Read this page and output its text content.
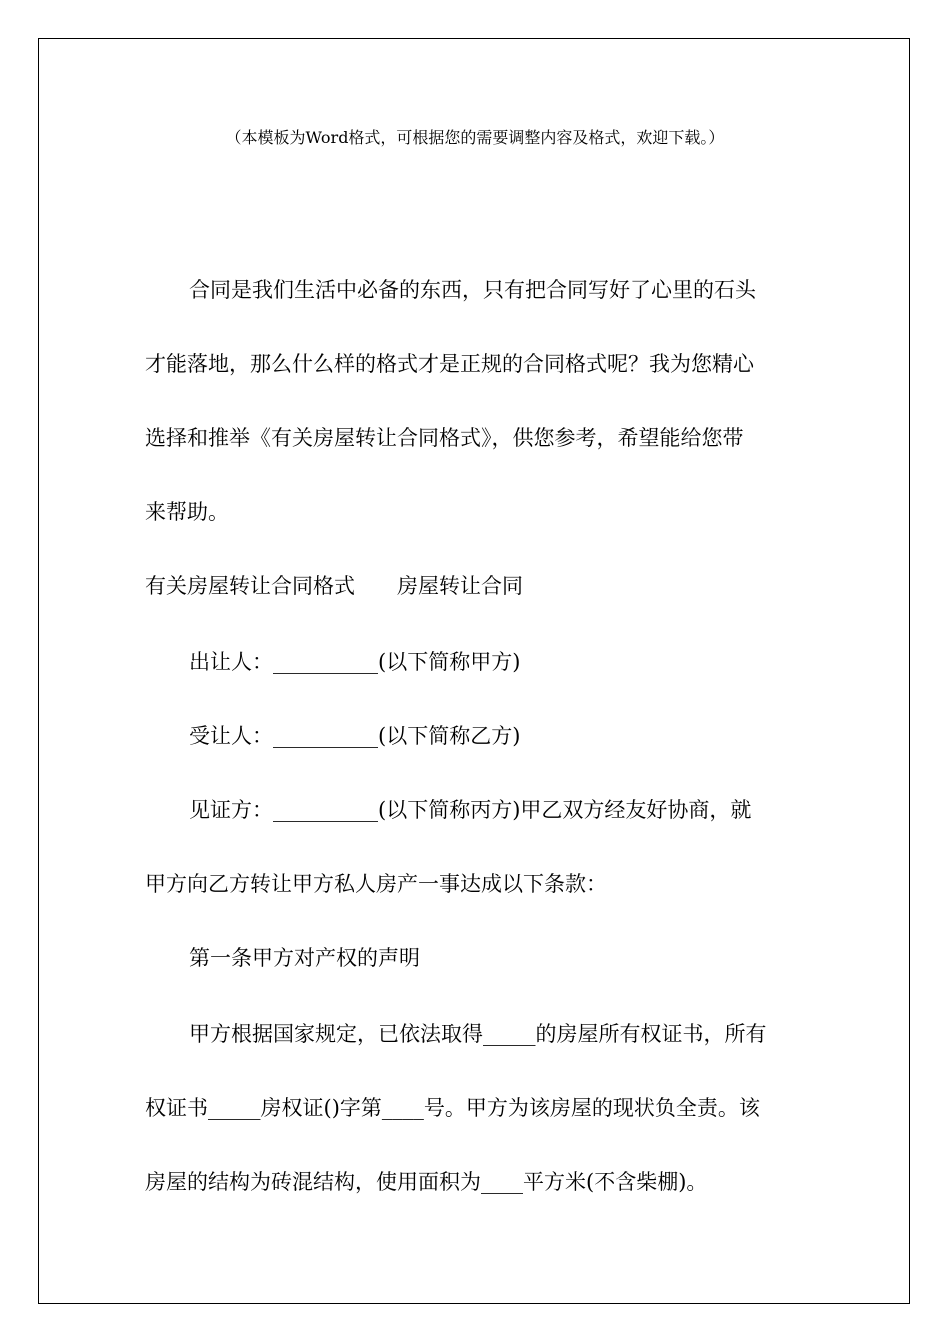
（本模板为Word格式，可根据您的需要调整内容及格式，欢迎下载。）
合同是我们生活中必备的东西，只有把合同写好了心里的石头
才能落地，那么什么样的格式才是正规的合同格式呢？我为您精心
选择和推举《有关房屋转让合同格式》，供您参考，希望能给您带
来帮助。
有关房屋转让合同格式　　房屋转让合同
出让人：__________(以下简称甲方)
受让人：__________(以下简称乙方)
见证方：__________(以下简称丙方)甲乙双方经友好协商，就
甲方向乙方转让甲方私人房产一事达成以下条款：
第一条甲方对产权的声明
甲方根据国家规定，已依法取得_____的房屋所有权证书，所有
权证书_____房权证()字第____号。甲方为该房屋的现状负全责。该
房屋的结构为砖混结构，使用面积为____平方米(不含柴棚)。
